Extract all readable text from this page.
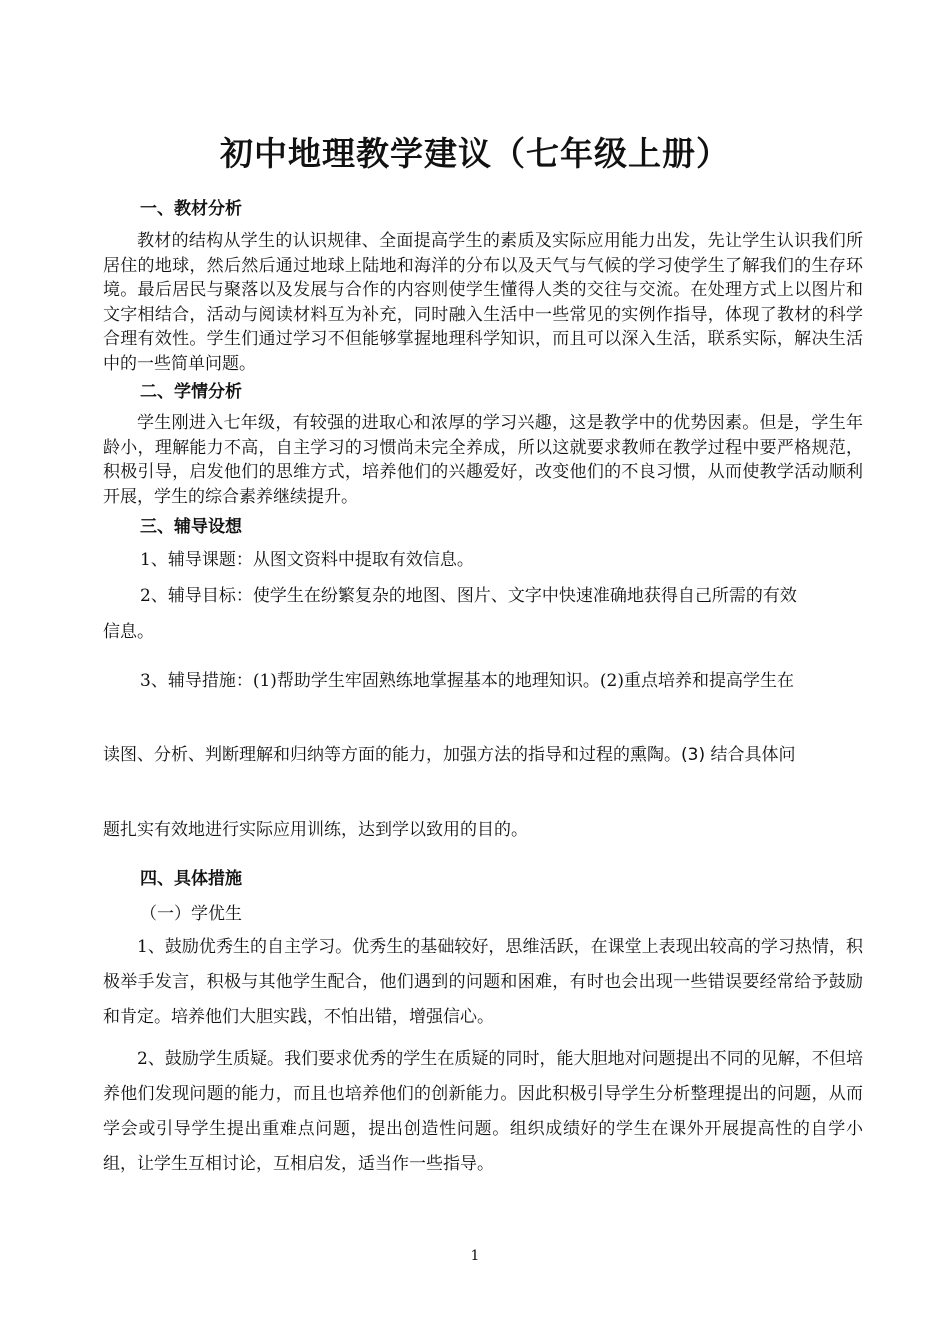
初中地理教学建议（七年级上册）
一、教材分析

教材的结构从学生的认识规律、全面提高学生的素质及实际应用能力出发，先让学生认识我们所居住的地球，然后然后通过地球上陆地和海洋的分布以及天气与气候的学习使学生了解我们的生存环境。最后居民与聚落以及发展与合作的内容则使学生懂得人类的交往与交流。在处理方式上以图片和文字相结合，活动与阅读材料互为补充，同时融入生活中一些常见的实例作指导，体现了教材的科学合理有效性。学生们通过学习不但能够掌握地理科学知识，而且可以深入生活，联系实际，解决生活中的一些简单问题。

二、学情分析

学生刚进入七年级，有较强的进取心和浓厚的学习兴趣，这是教学中的优势因素。但是，学生年龄小，理解能力不高，自主学习的习惯尚未完全养成，所以这就要求教师在教学过程中要严格规范，积极引导，启发他们的思维方式，培养他们的兴趣爱好，改变他们的不良习惯，从而使教学活动顺利开展，学生的综合素养继续提升。

三、辅导设想
1、辅导课题：从图文资料中提取有效信息。
2、辅导目标：使学生在纷繁复杂的地图、图片、文字中快速准确地获得自己所需的有效
信息。
3、辅导措施：(1)帮助学生牢固熟练地掌握基本的地理知识。(2)重点培养和提高学生在
读图、分析、判断理解和归纳等方面的能力，加强方法的指导和过程的熏陶。(3) 结合具体问
题扎实有效地进行实际应用训练，达到学以致用的目的。
四、具体措施
（一）学优生

1、鼓励优秀生的自主学习。优秀生的基础较好，思维活跃，在课堂上表现出较高的学习热情，积极举手发言，积极与其他学生配合，他们遇到的问题和困难，有时也会出现一些错误要经常给予鼓励和肯定。培养他们大胆实践，不怕出错，增强信心。

2、鼓励学生质疑。我们要求优秀的学生在质疑的同时，能大胆地对问题提出不同的见解，不但培养他们发现问题的能力，而且也培养他们的创新能力。因此积极引导学生分析整理提出的问题，从而学会或引导学生提出重难点问题，提出创造性问题。组织成绩好的学生在课外开展提高性的自学小组，让学生互相讨论，互相启发，适当作一些指导。

1
